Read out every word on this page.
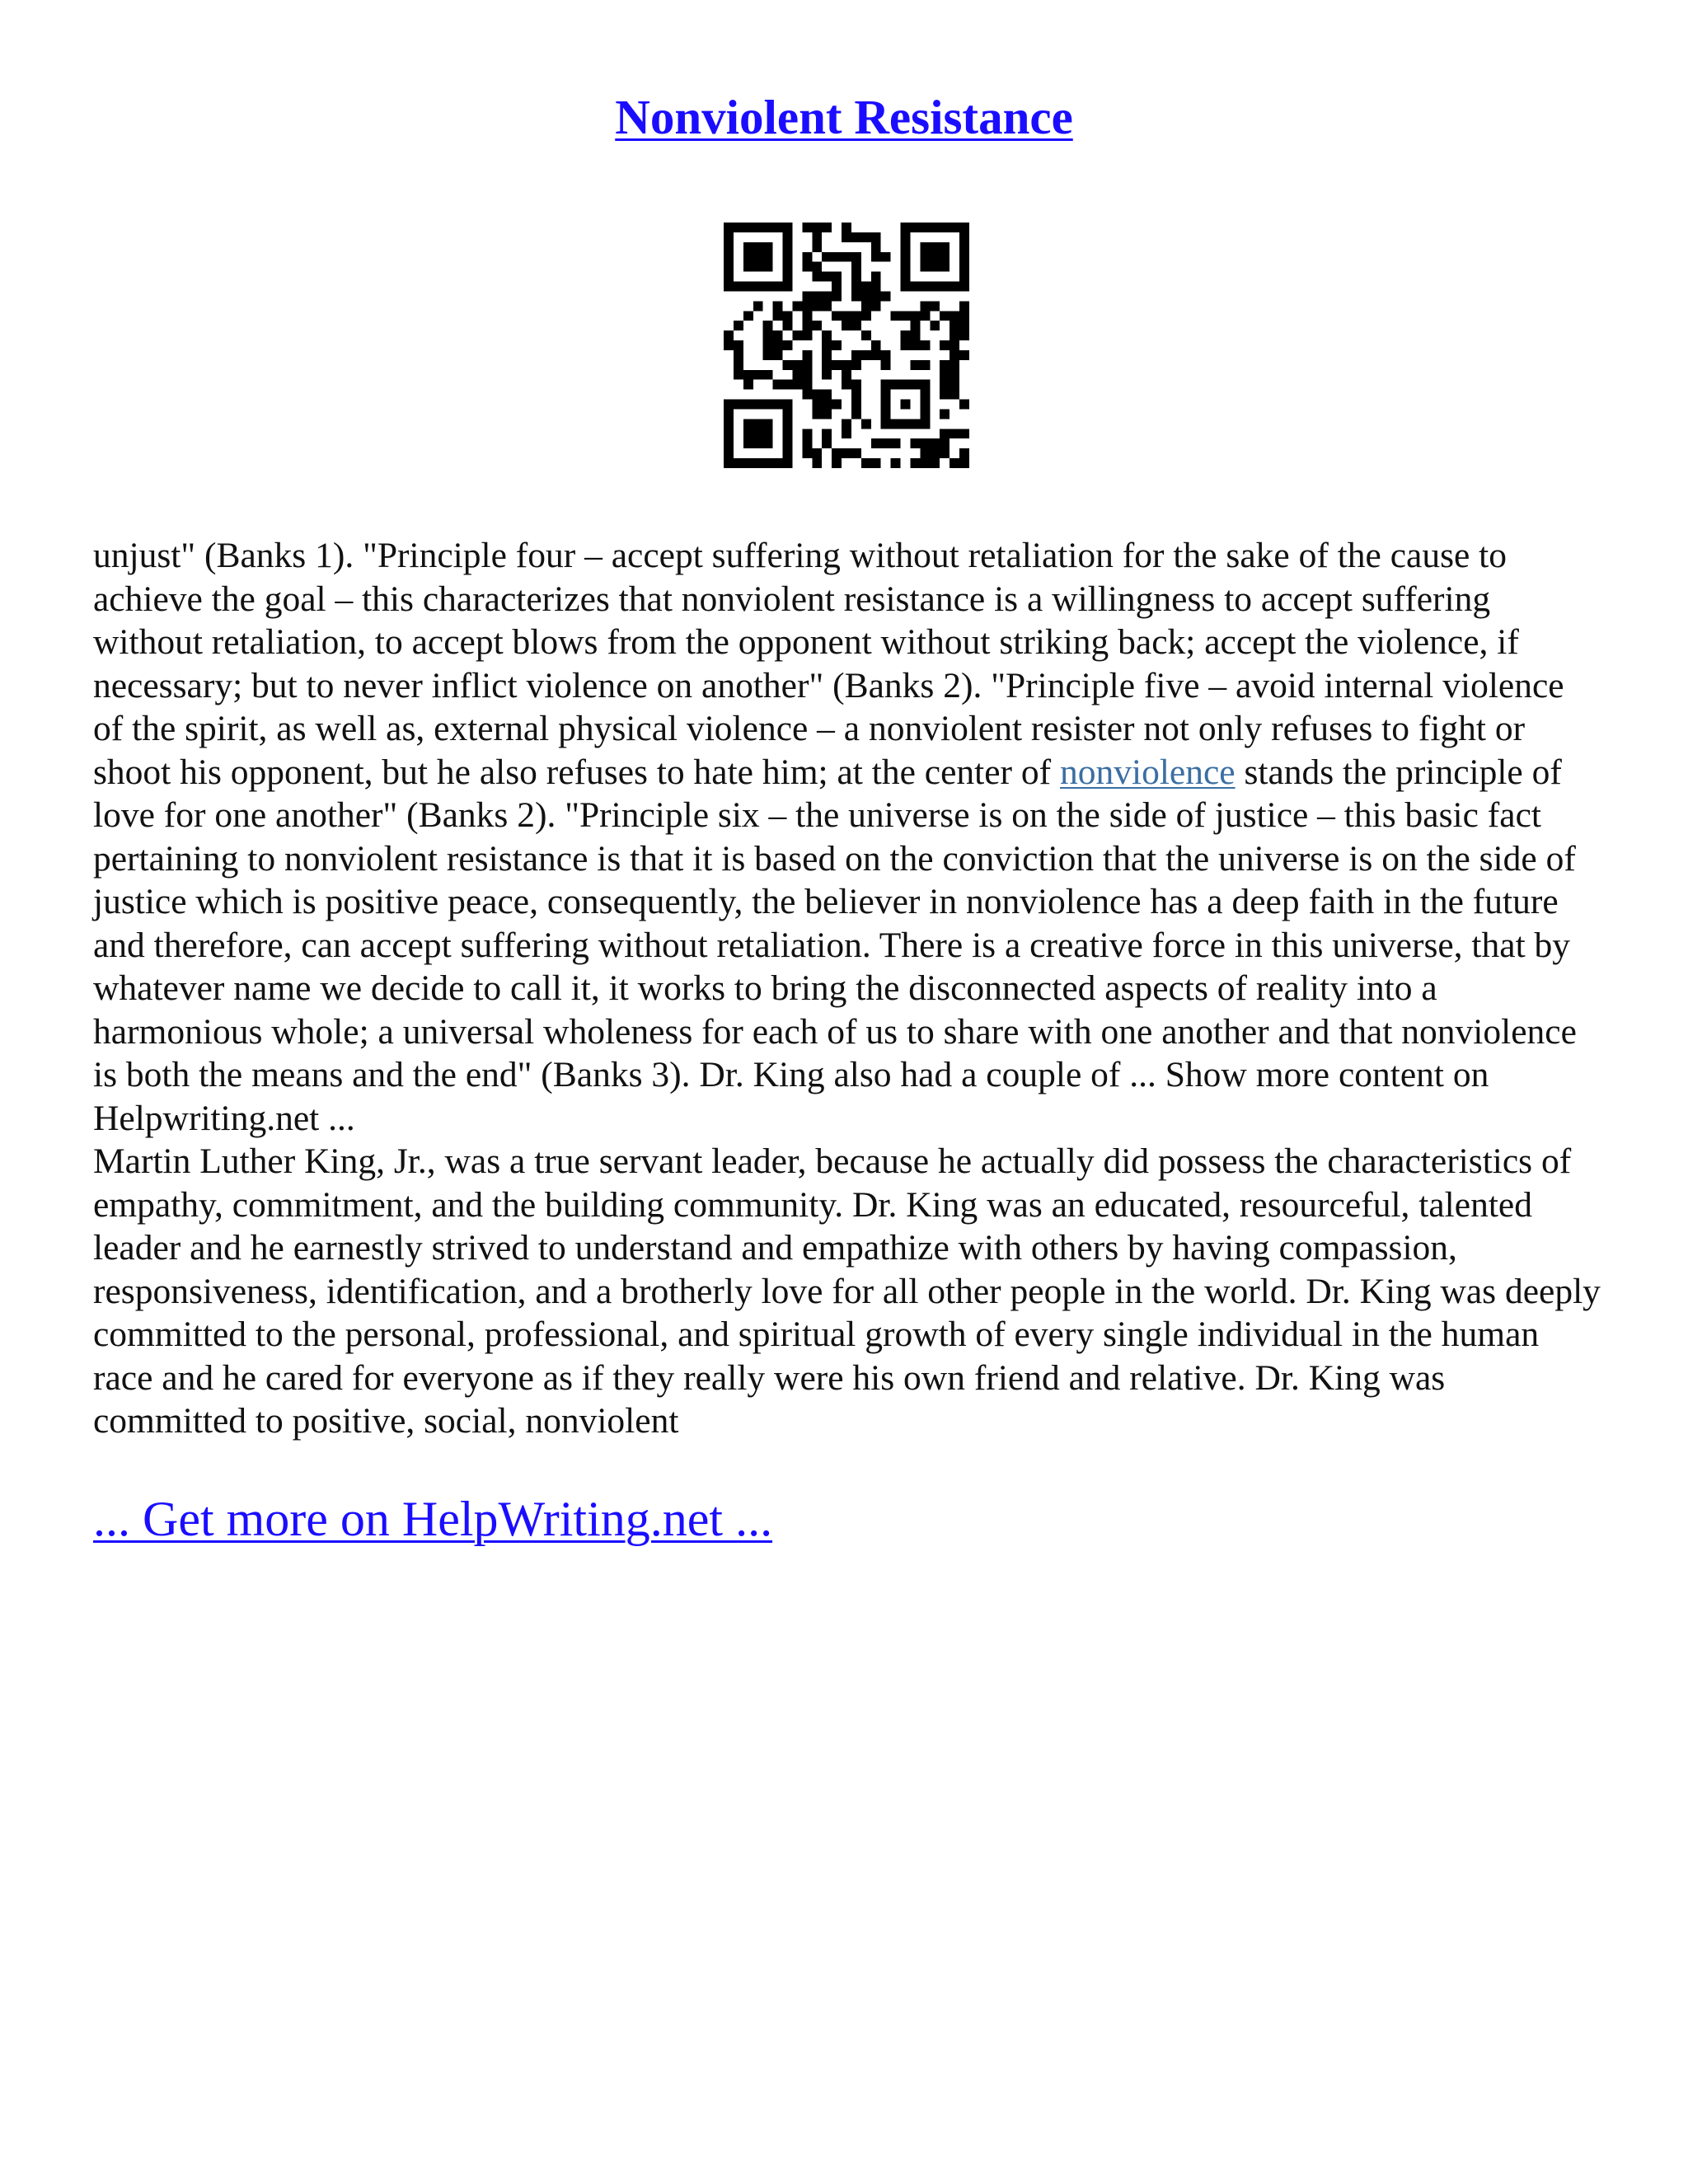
Nonviolent Resistance

unjust" (Banks 1). "Principle four – accept suffering without retaliation for the sake of the cause to achieve the goal – this characterizes that nonviolent resistance is a willingness to accept suffering without retaliation, to accept blows from the opponent without striking back; accept the violence, if necessary; but to never inflict violence on another" (Banks 2). "Principle five – avoid internal violence of the spirit, as well as, external physical violence – a nonviolent resister not only refuses to fight or shoot his opponent, but he also refuses to hate him; at the center of nonviolence stands the principle of love for one another" (Banks 2). "Principle six – the universe is on the side of justice – this basic fact pertaining to nonviolent resistance is that it is based on the conviction that the universe is on the side of justice which is positive peace, consequently, the believer in nonviolence has a deep faith in the future and therefore, can accept suffering without retaliation. There is a creative force in this universe, that by whatever name we decide to call it, it works to bring the disconnected aspects of reality into a harmonious whole; a universal wholeness for each of us to share with one another and that nonviolence is both the means and the end" (Banks 3). Dr. King also had a couple of ... Show more content on Helpwriting.net ...

Martin Luther King, Jr., was a true servant leader, because he actually did possess the characteristics of empathy, commitment, and the building community. Dr. King was an educated, resourceful, talented leader and he earnestly strived to understand and empathize with others by having compassion, responsiveness, identification, and a brotherly love for all other people in the world. Dr. King was deeply committed to the personal, professional, and spiritual growth of every single individual in the human race and he cared for everyone as if they really were his own friend and relative. Dr. King was committed to positive, social, nonviolent

... Get more on HelpWriting.net ...
